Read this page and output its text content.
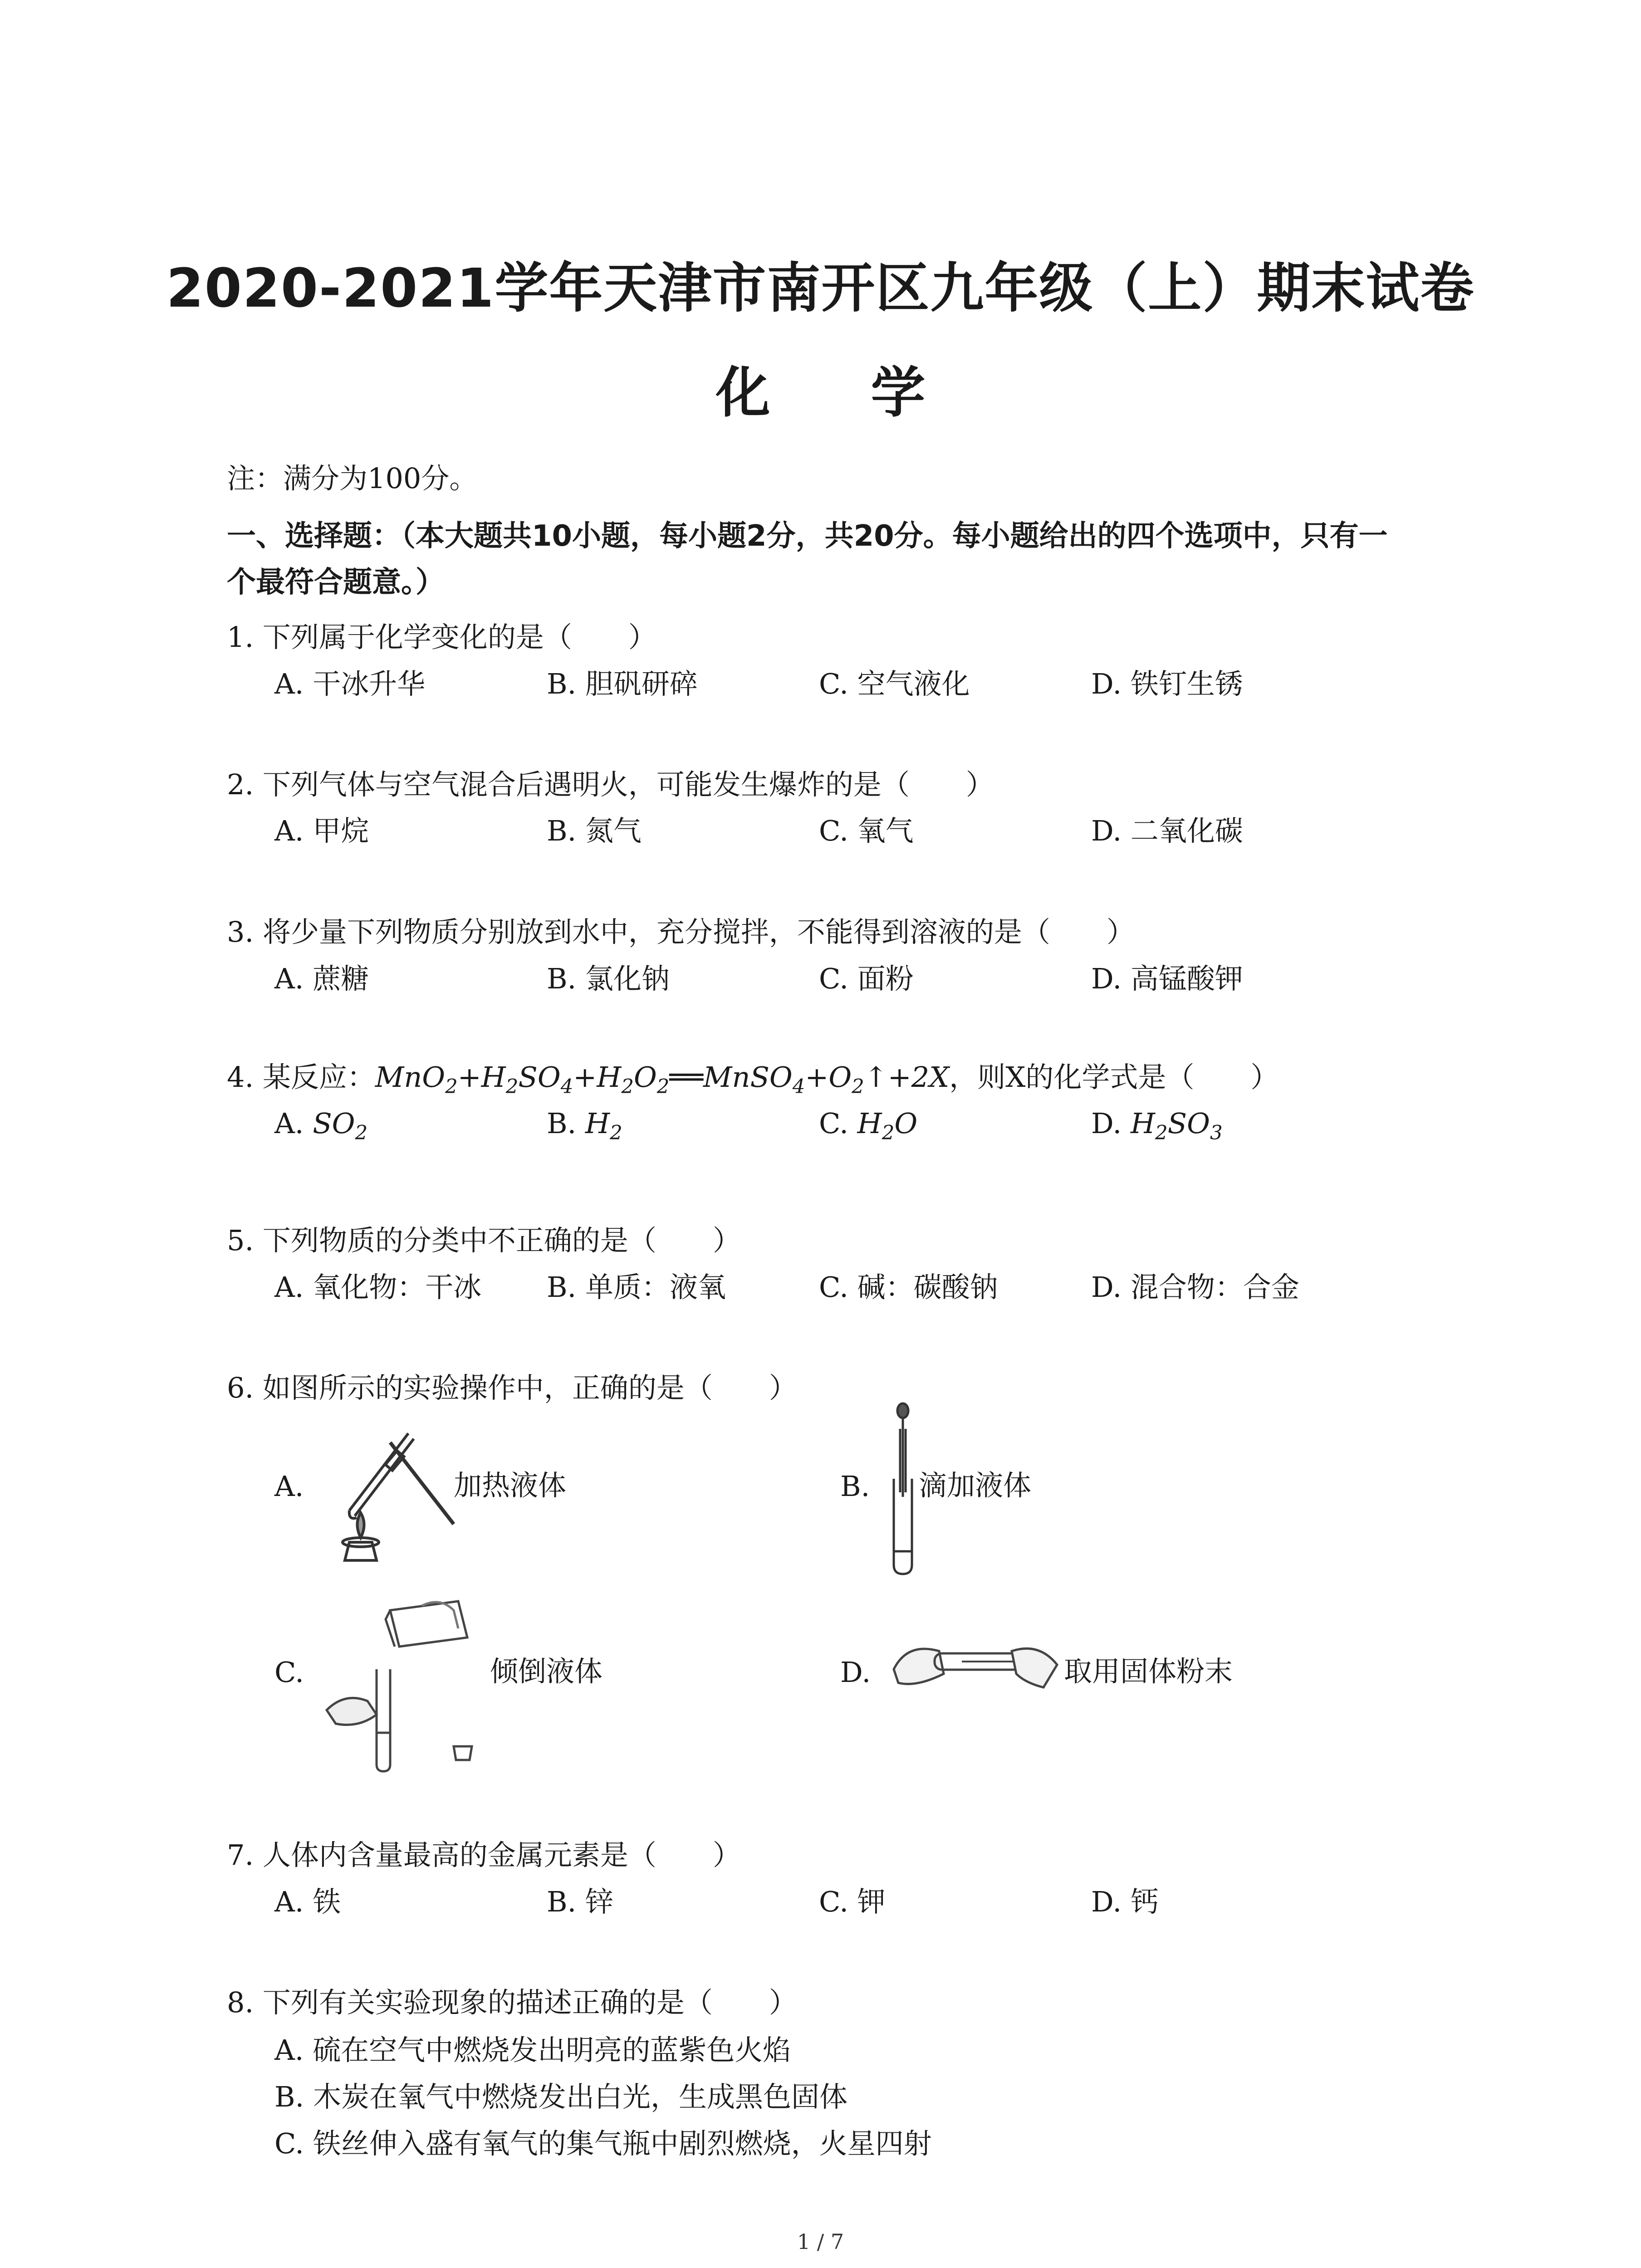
2020-2021学年天津市南开区九年级（上）期末试卷
化 学
注：满分为100分。
一、选择题：（本大题共10小题，每小题2分，共20分。每小题给出的四个选项中，只有一
个最符合题意。）
1. 下列属于化学变化的是（　　）
A. 干冰升华	B. 胆矾研碎	C. 空气液化	D. 铁钉生锈
2. 下列气体与空气混合后遇明火，可能发生爆炸的是（　　）
A. 甲烷	B. 氮气	C. 氧气	D. 二氧化碳
3. 将少量下列物质分别放到水中，充分搅拌，不能得到溶液的是（　　）
A. 蔗糖	B. 氯化钠	C. 面粉	D. 高锰酸钾
4. 某反应：$MnO_2+H_2SO_4+H_2O_2══MnSO_4+O_2↑+2X$，则X的化学式是（　　）
A. $SO_2$	B. $H_2$	C. $H_2O$	D. $H_2SO_3$
5. 下列物质的分类中不正确的是（　　）
A. 氧化物：干冰 B. 单质：液氧	C. 碱：碳酸钠	D. 混合物：合金
6. 如图所示的实验操作中，正确的是（　　）
A.	加热液体	B. 滴加液体
C.	倾倒液体	D.	取用固体粉末
7. 人体内含量最高的金属元素是（　　）
A. 铁	B. 锌	C. 钾	D. 钙
8. 下列有关实验现象的描述正确的是（　　）
A. 硫在空气中燃烧发出明亮的蓝紫色火焰
B. 木炭在氧气中燃烧发出白光，生成黑色固体
C. 铁丝伸入盛有氧气的集气瓶中剧烈燃烧，火星四射
1 / 7
